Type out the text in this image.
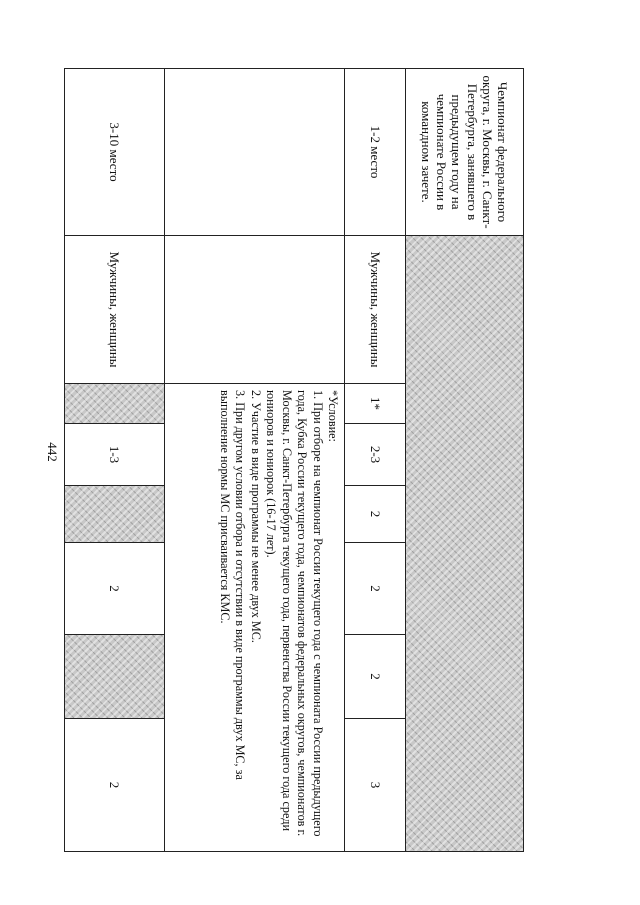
442
Чемпионат федерального округа, г. Москвы, г. Санкт-Петербурга, занявшего в предыдущем году на чемпионате России в командном зачете.
1-2 место
Мужчины, женщины
1*
2-3
2
2
2
3

*Условие:

1. При отборе на чемпионат России текущего года с чемпионата России предыдущего года, Кубка России текущего года, чемпионатов федеральных округов, чемпионатов г. Москвы, г. Санкт-Петербурга текущего года, первенства России текущего года среди юниоров и юниорок (16-17 лет).

2. Участие в виде программы не менее двух МС.

3. При другом условии отбора и отсутствии в виде программы двух МС, за выполнение нормы МС присваивается КМС.

3-10 место
Мужчины, женщины
1-3
2
2
